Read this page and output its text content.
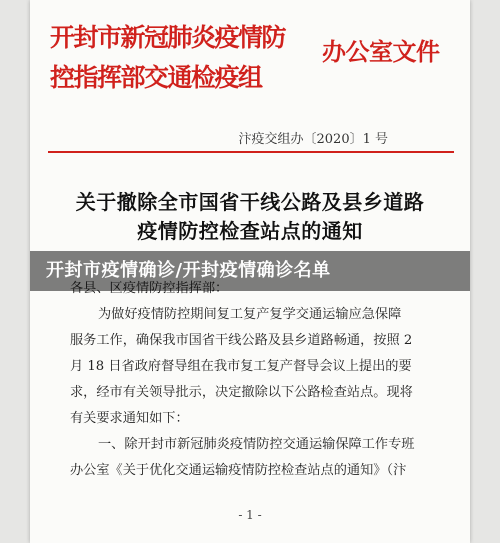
开封市新冠肺炎疫情防
控指挥部交通检疫组
办公室文件
汴疫交组办〔2020〕1 号
关于撤除全市国省干线公路及县乡道路
疫情防控检查站点的通知

为做好疫情防控期间复工复产复学交通运输应急保障

服务工作，确保我市国省干线公路及县乡道路畅通，按照 2

月 18 日省政府督导组在我市复工复产督导会议上提出的要

求，经市有关领导批示，决定撤除以下公路检查站点。现将

有关要求通知如下：

一、除开封市新冠肺炎疫情防控交通运输保障工作专班

办公室《关于优化交通运输疫情防控检查站点的通知》（汴

- 1 -
开封市疫情确诊/开封疫情确诊名单
